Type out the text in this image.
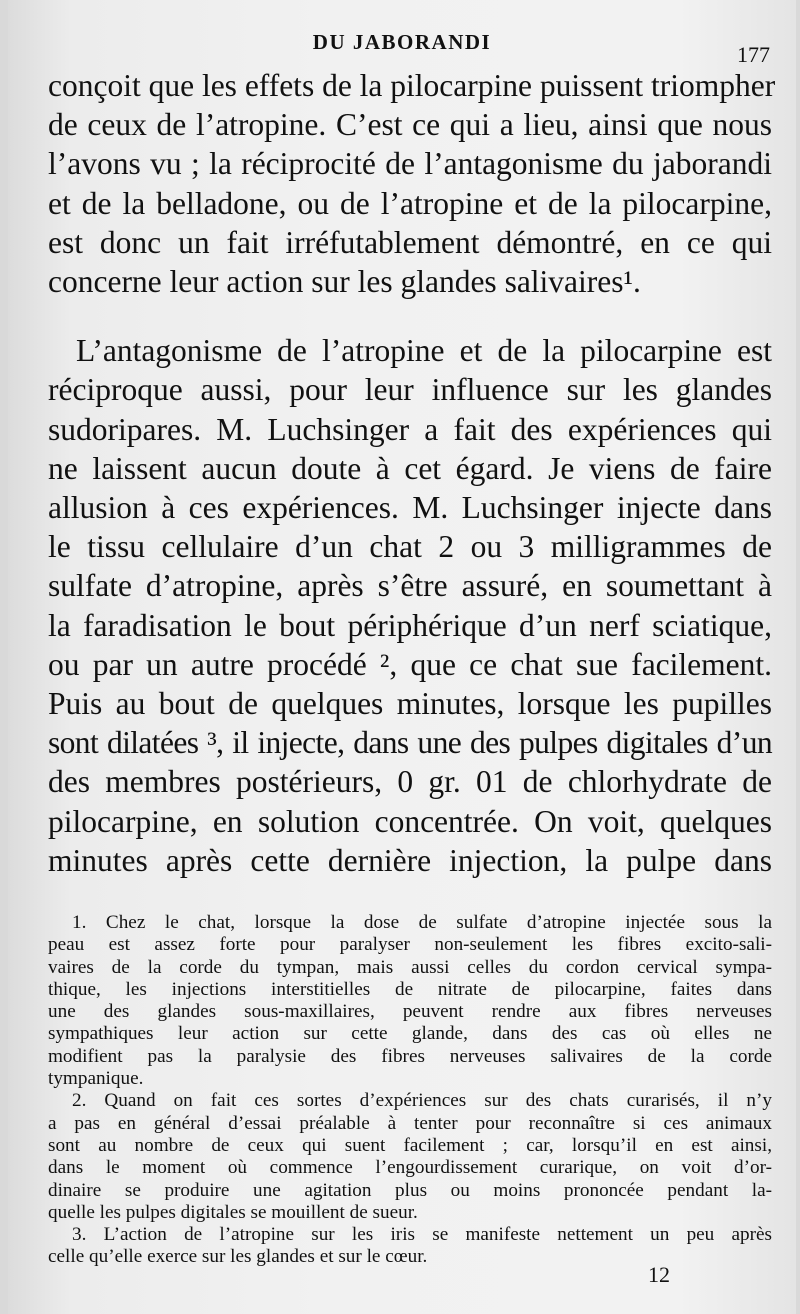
DU JABORANDI	177
conçoit que les effets de la pilocarpine puissent triompher
de ceux de l’atropine. C’est ce qui a lieu, ainsi que nous
l’avons vu ; la réciprocité de l’antagonisme du jaborandi
et de la belladone, ou de l’atropine et de la pilocarpine,
est donc un fait irréfutablement démontré, en ce qui
concerne leur action sur les glandes salivaires¹.
L’antagonisme de l’atropine et de la pilocarpine est
réciproque aussi, pour leur influence sur les glandes
sudoripares. M. Luchsinger a fait des expériences qui
ne laissent aucun doute à cet égard. Je viens de faire
allusion à ces expériences. M. Luchsinger injecte dans
le tissu cellulaire d’un chat 2 ou 3 milligrammes de
sulfate d’atropine, après s’être assuré, en soumettant à
la faradisation le bout périphérique d’un nerf sciatique,
ou par un autre procédé ², que ce chat sue facilement.
Puis au bout de quelques minutes, lorsque les pupilles
sont dilatées ³, il injecte, dans une des pulpes digitales d’un
des membres postérieurs, 0 gr. 01 de chlorhydrate de
pilocarpine, en solution concentrée. On voit, quelques
minutes après cette dernière injection, la pulpe dans
1. Chez le chat, lorsque la dose de sulfate d’atropine injectée sous la
peau est assez forte pour paralyser non-seulement les fibres excito-sali-
vaires de la corde du tympan, mais aussi celles du cordon cervical sympa-
thique, les injections interstitielles de nitrate de pilocarpine, faites dans
une des glandes sous-maxillaires, peuvent rendre aux fibres nerveuses
sympathiques leur action sur cette glande, dans des cas où elles ne
modifient pas la paralysie des fibres nerveuses salivaires de la corde
tympanique.
2. Quand on fait ces sortes d’expériences sur des chats curarisés, il n’y
a pas en général d’essai préalable à tenter pour reconnaître si ces animaux
sont au nombre de ceux qui suent facilement ; car, lorsqu’il en est ainsi,
dans le moment où commence l’engourdissement curarique, on voit d’or-
dinaire se produire une agitation plus ou moins prononcée pendant la-
quelle les pulpes digitales se mouillent de sueur.
3. L’action de l’atropine sur les iris se manifeste nettement un peu après
celle qu’elle exerce sur les glandes et sur le cœur.
12
